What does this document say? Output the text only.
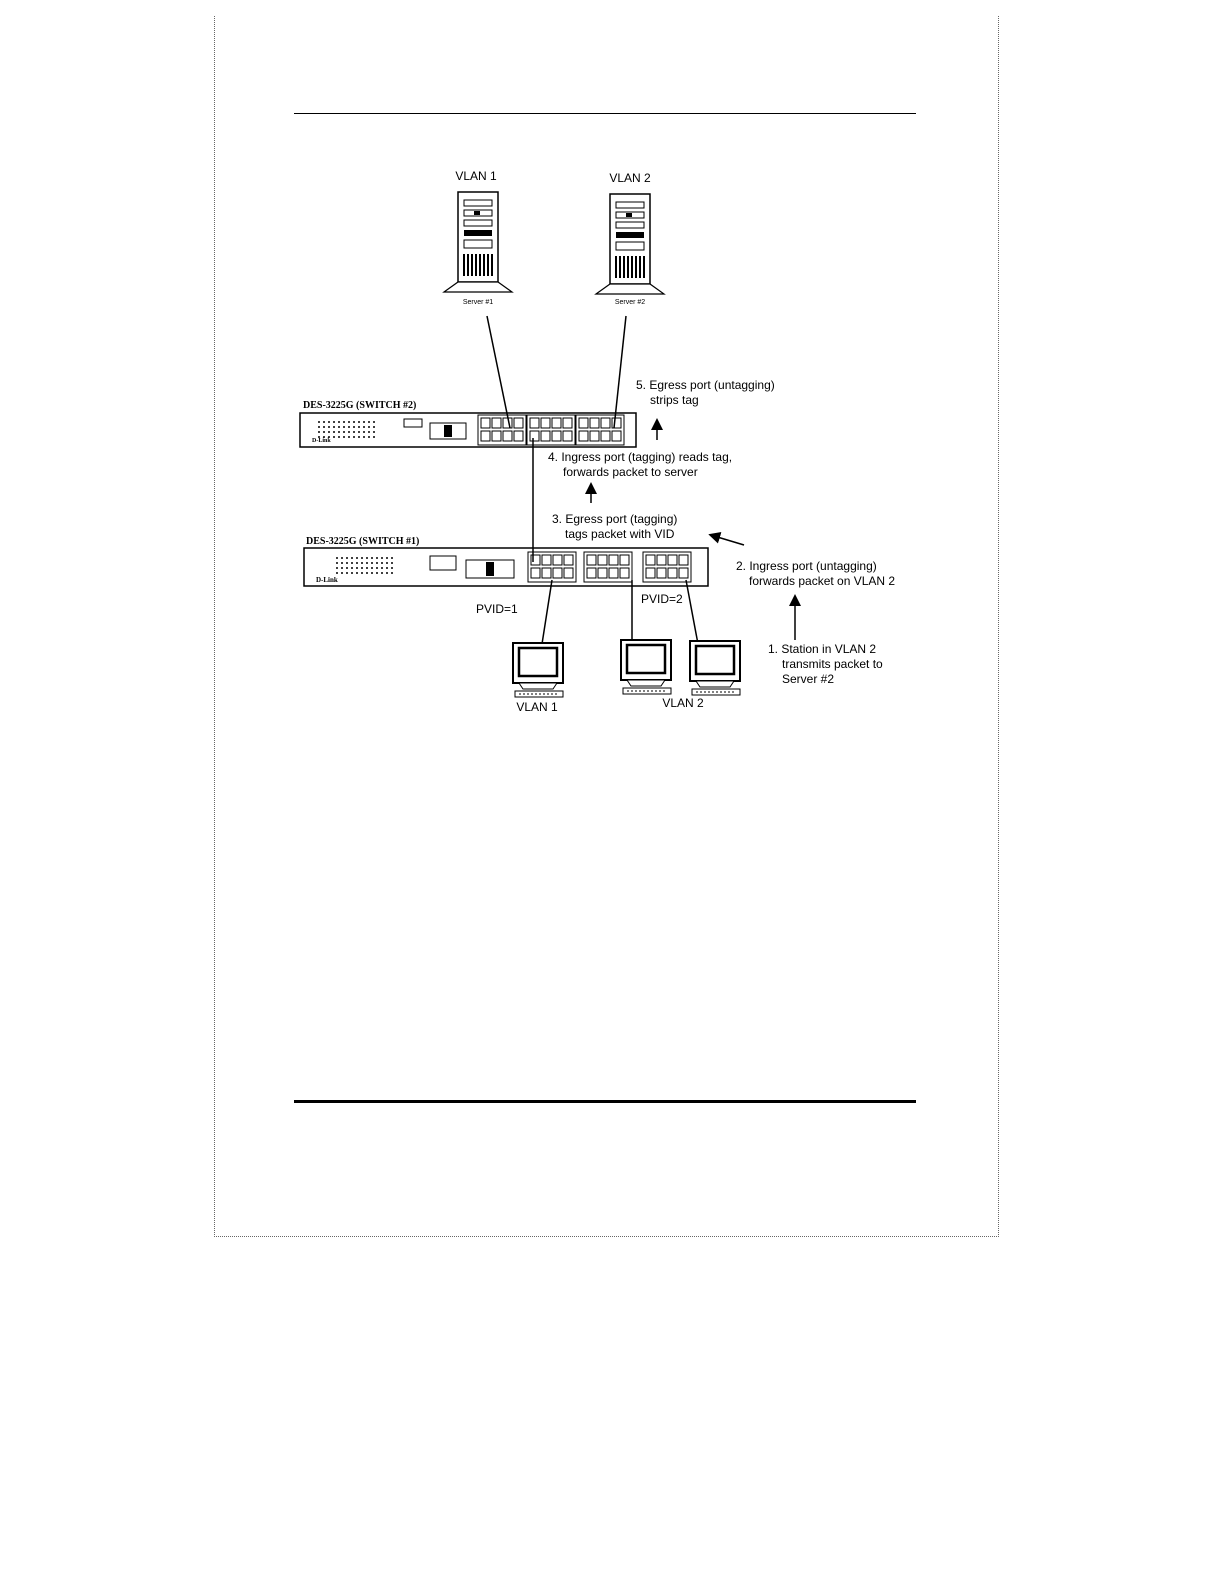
VLAN 1	VLAN 2
Server #1	Server #2
DES-3225G (SWITCH #2)
D-Link
DES-3225G (SWITCH #1)
D-Link
PVID=1
PVID=2
VLAN 1	VLAN 2
5. Egress port (untagging)
strips tag
4. Ingress port (tagging) reads tag,
forwards packet to server
3. Egress port (tagging)
tags packet with VID
2. Ingress port (untagging)
forwards packet on VLAN 2
1. Station in VLAN 2
transmits packet to
Server #2
